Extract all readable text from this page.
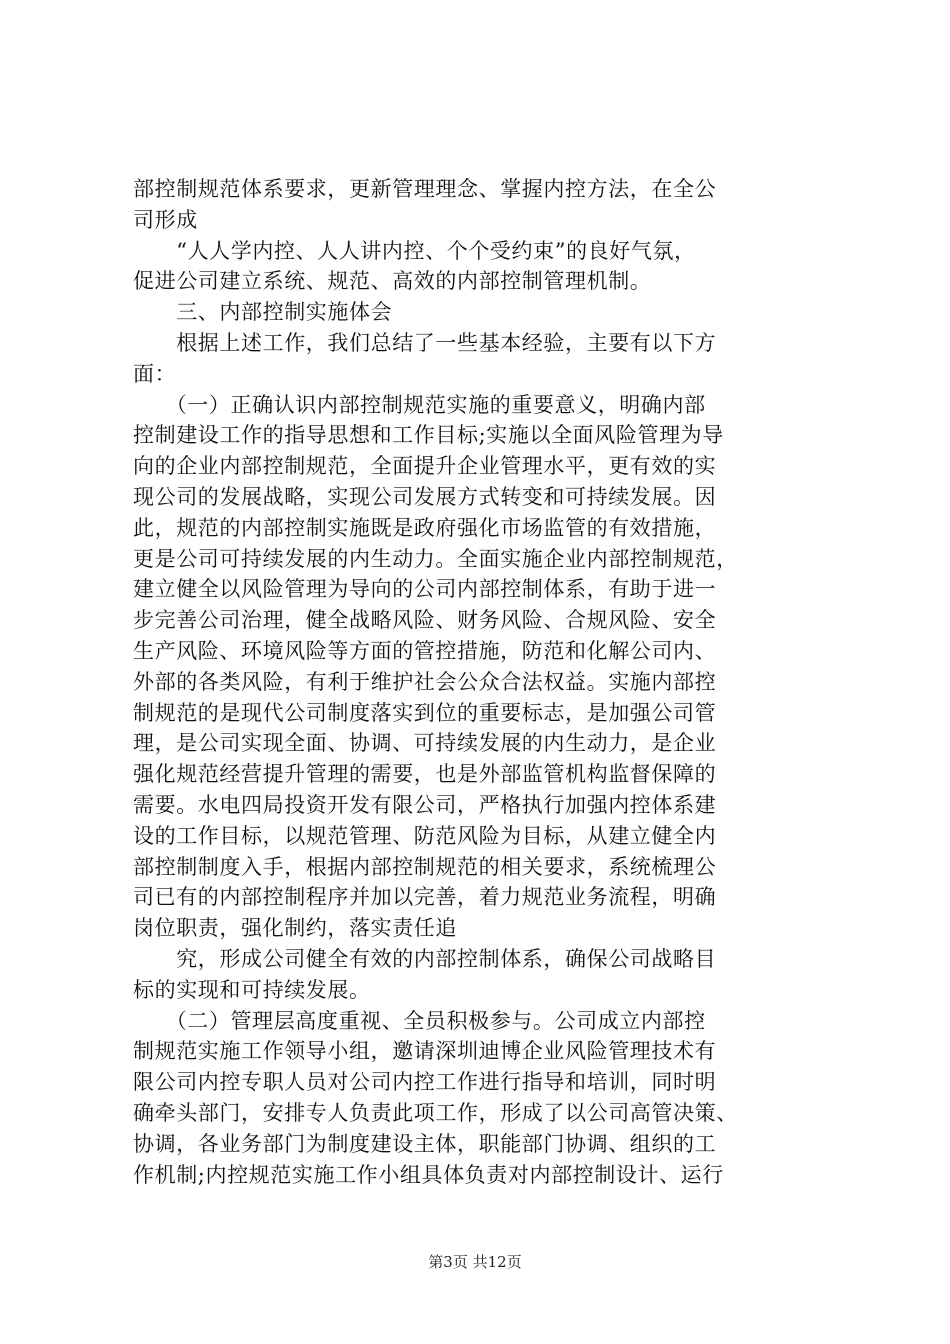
部控制规范体系要求，更新管理理念、掌握内控方法，在全公
司形成
　　“人人学内控、人人讲内控、个个受约束”的良好气氛，
促进公司建立系统、规范、高效的内部控制管理机制。
　　三、内部控制实施体会
　　根据上述工作，我们总结了一些基本经验，主要有以下方
面：
　　（一）正确认识内部控制规范实施的重要意义，明确内部
控制建设工作的指导思想和工作目标;实施以全面风险管理为导
向的企业内部控制规范，全面提升企业管理水平，更有效的实
现公司的发展战略，实现公司发展方式转变和可持续发展。因
此，规范的内部控制实施既是政府强化市场监管的有效措施，
更是公司可持续发展的内生动力。全面实施企业内部控制规范，
建立健全以风险管理为导向的公司内部控制体系，有助于进一
步完善公司治理，健全战略风险、财务风险、合规风险、安全
生产风险、环境风险等方面的管控措施，防范和化解公司内、
外部的各类风险，有利于维护社会公众合法权益。实施内部控
制规范的是现代公司制度落实到位的重要标志，是加强公司管
理，是公司实现全面、协调、可持续发展的内生动力，是企业
强化规范经营提升管理的需要，也是外部监管机构监督保障的
需要。水电四局投资开发有限公司，严格执行加强内控体系建
设的工作目标，以规范管理、防范风险为目标，从建立健全内
部控制制度入手，根据内部控制规范的相关要求，系统梳理公
司已有的内部控制程序并加以完善，着力规范业务流程，明确
岗位职责，强化制约，落实责任追
　　究，形成公司健全有效的内部控制体系，确保公司战略目
标的实现和可持续发展。
　　（二）管理层高度重视、全员积极参与。公司成立内部控
制规范实施工作领导小组，邀请深圳迪博企业风险管理技术有
限公司内控专职人员对公司内控工作进行指导和培训，同时明
确牵头部门，安排专人负责此项工作，形成了以公司高管决策、
协调，各业务部门为制度建设主体，职能部门协调、组织的工
作机制;内控规范实施工作小组具体负责对内部控制设计、运行
第3页 共12页
